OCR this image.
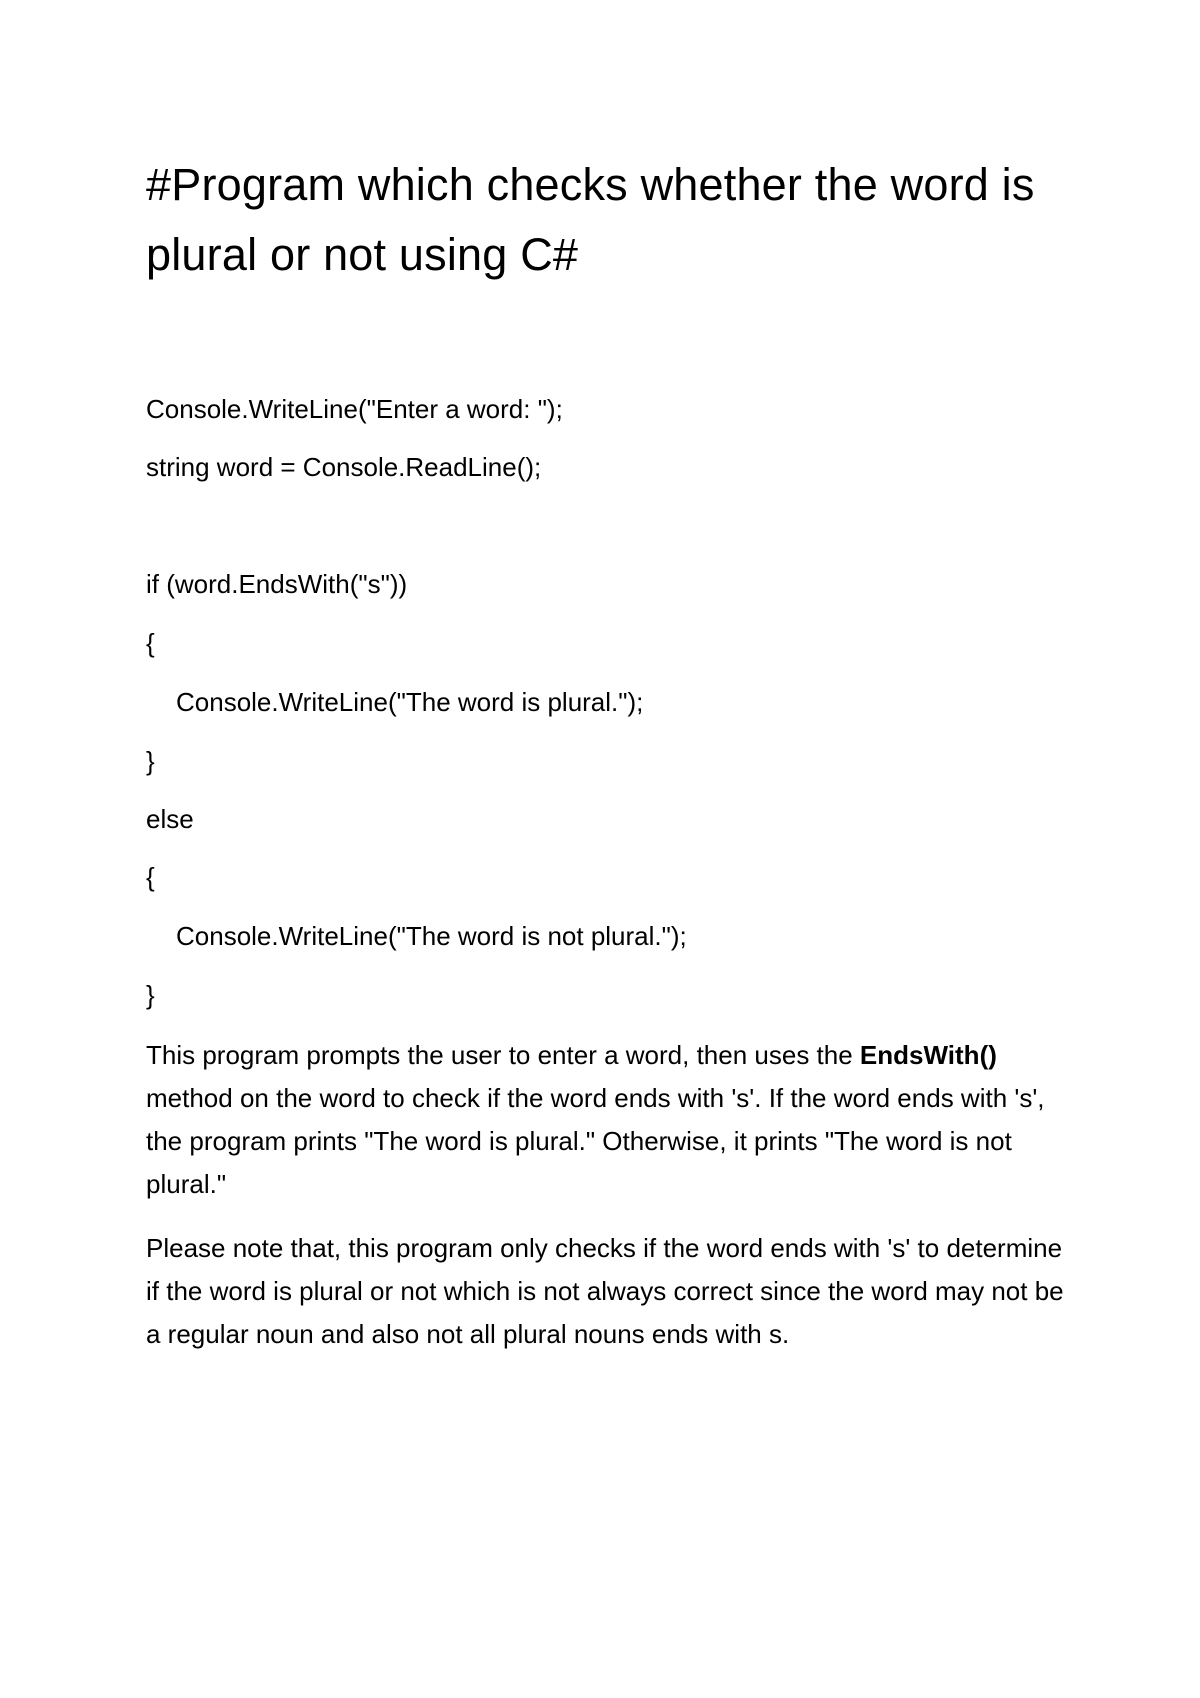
#Program which checks whether the word is plural or not using C#

Console.WriteLine("Enter a word: ");

string word = Console.ReadLine();

if (word.EndsWith("s"))

{

Console.WriteLine("The word is plural.");

}

else

{

Console.WriteLine("The word is not plural.");

}

This program prompts the user to enter a word, then uses the EndsWith() method on the word to check if the word ends with 's'. If the word ends with 's', the program prints "The word is plural." Otherwise, it prints "The word is not plural."

Please note that, this program only checks if the word ends with 's' to determine if the word is plural or not which is not always correct since the word may not be a regular noun and also not all plural nouns ends with s.
